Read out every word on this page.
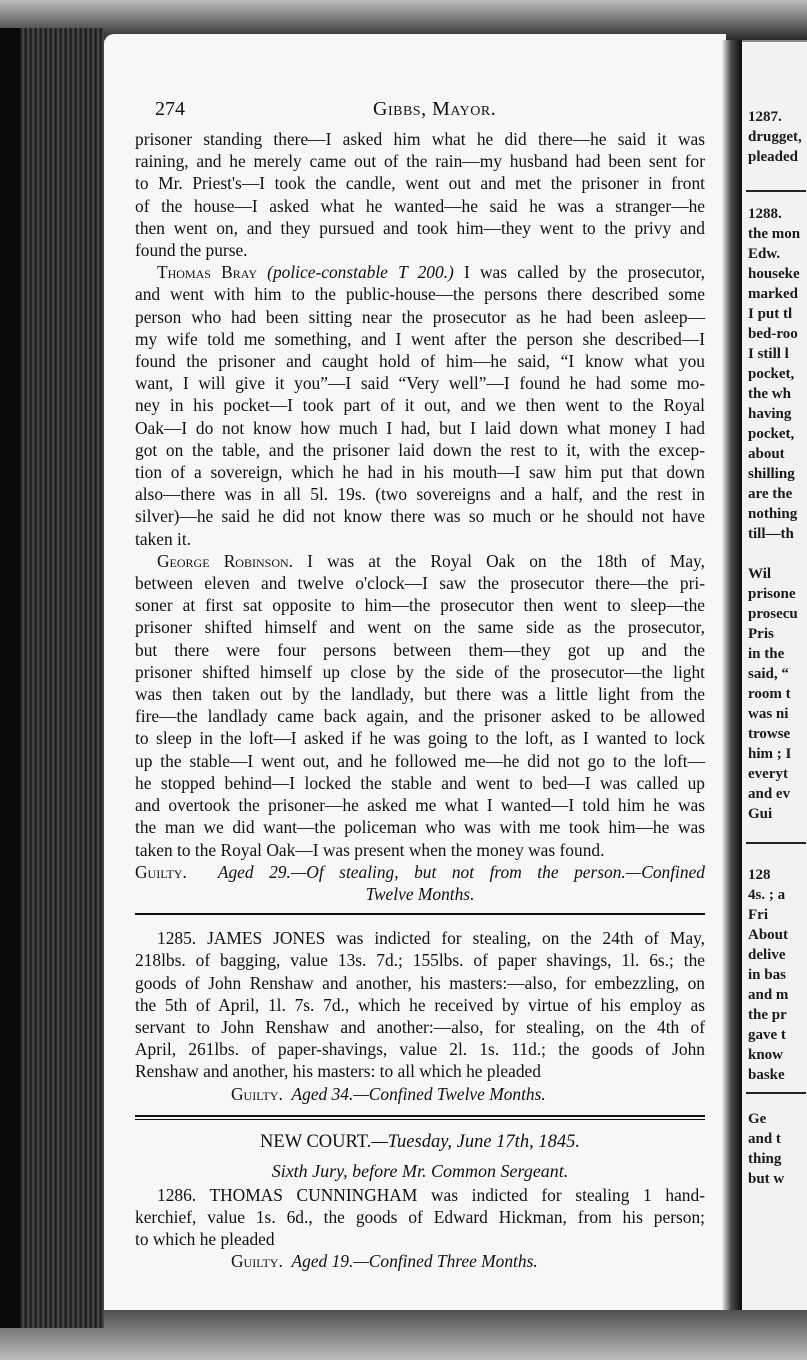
1287.
drugget,
pleaded
1288.
the mon
Edw.
houseke
marked
I put tl
bed-roo
I still l
pocket,
the wh
having
pocket,
about
shilling
are the
nothing
till—th
Wil
prisone
prosecu
Pris
in the
said, “
room t
was ni
trowse
him ; I
everyt
and ev
Gui
128
4s. ; a
Fri
About
delive
in bas
and m
the pr
gave t
know
baske
Ge
and t
thing
but w
274	Gibbs, Mayor.
prisoner standing there—I asked him what he did there—he said it was
raining, and he merely came out of the rain—my husband had been sent for
to Mr. Priest's—I took the candle, went out and met the prisoner in front
of the house—I asked what he wanted—he said he was a stranger—he
then went on, and they pursued and took him—they went to the privy and
found the purse.
Thomas Bray (police-constable T 200.) I was called by the prosecutor,
and went with him to the public-house—the persons there described some
person who had been sitting near the prosecutor as he had been asleep—
my wife told me something, and I went after the person she described—I
found the prisoner and caught hold of him—he said, “I know what you
want, I will give it you”—I said “Very well”—I found he had some mo-
ney in his pocket—I took part of it out, and we then went to the Royal
Oak—I do not know how much I had, but I laid down what money I had
got on the table, and the prisoner laid down the rest to it, with the excep-
tion of a sovereign, which he had in his mouth—I saw him put that down
also—there was in all 5l. 19s. (two sovereigns and a half, and the rest in
silver)—he said he did not know there was so much or he should not have
taken it.
George Robinson. I was at the Royal Oak on the 18th of May,
between eleven and twelve o'clock—I saw the prosecutor there—the pri-
soner at first sat opposite to him—the prosecutor then went to sleep—the
prisoner shifted himself and went on the same side as the prosecutor,
but there were four persons between them—they got up and the
prisoner shifted himself up close by the side of the prosecutor—the light
was then taken out by the landlady, but there was a little light from the
fire—the landlady came back again, and the prisoner asked to be allowed
to sleep in the loft—I asked if he was going to the loft, as I wanted to lock
up the stable—I went out, and he followed me—he did not go to the loft—
he stopped behind—I locked the stable and went to bed—I was called up
and overtook the prisoner—he asked me what I wanted—I told him he was
the man we did want—the policeman who was with me took him—he was
taken to the Royal Oak—I was present when the money was found.
Guilty. Aged 29.—Of stealing, but not from the person.—Confined
Twelve Months.
1285. JAMES JONES was indicted for stealing, on the 24th of May,
218lbs. of bagging, value 13s. 7d.; 155lbs. of paper shavings, 1l. 6s.; the
goods of John Renshaw and another, his masters:—also, for embezzling, on
the 5th of April, 1l. 7s. 7d., which he received by virtue of his employ as
servant to John Renshaw and another:—also, for stealing, on the 4th of
April, 261lbs. of paper-shavings, value 2l. 1s. 11d.; the goods of John
Renshaw and another, his masters: to all which he pleaded
Guilty. Aged 34.—Confined Twelve Months.
NEW COURT.—Tuesday, June 17th, 1845.
Sixth Jury, before Mr. Common Sergeant.
1286. THOMAS CUNNINGHAM was indicted for stealing 1 hand-
kerchief, value 1s. 6d., the goods of Edward Hickman, from his person;
to which he pleaded
Guilty. Aged 19.—Confined Three Months.
